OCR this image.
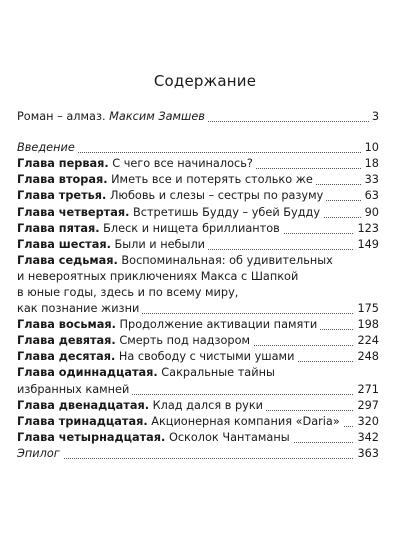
Содержание
Роман – алмаз. Максим Замшев	3
Введение	10
Глава первая. С чего все начиналось?	18
Глава вторая. Иметь все и потерять столько же	33
Глава третья. Любовь и слезы – сестры по разуму	63
Глава четвертая. Встретишь Будду – убей Будду	90
Глава пятая. Блеск и нищета бриллиантов	123
Глава шестая. Были и небыли	149
Глава седьмая. Воспоминальная: об удивительных
и невероятных приключениях Макса с Шапкой
в юные годы, здесь и по всему миру,
как познание жизни	175
Глава восьмая. Продолжение активации памяти	198
Глава девятая. Смерть под надзором	224
Глава десятая. На свободу с чистыми ушами	248
Глава одиннадцатая. Сакральные тайны
избранных камней	271
Глава двенадцатая. Клад дался в руки	297
Глава тринадцатая. Акционерная компания «Daria» 320
Глава четырнадцатая. Осколок Чантаманы	342
Эпилог	363
